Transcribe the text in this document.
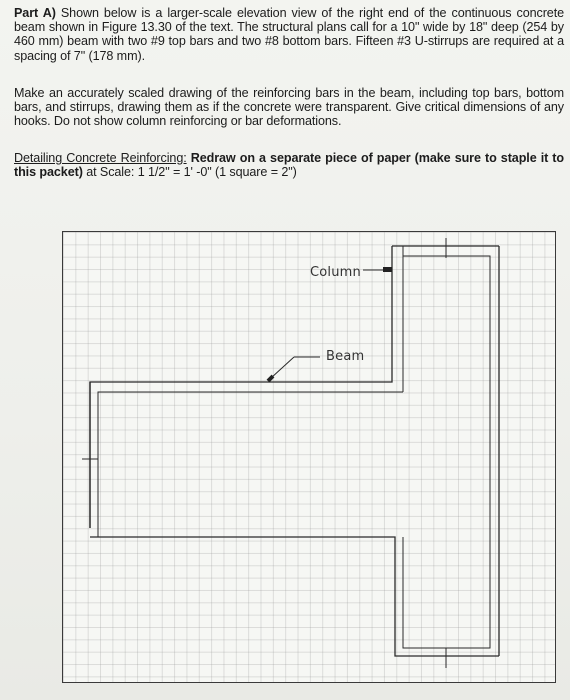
Part A) Shown below is a larger-scale elevation view of the right end of the continuous concrete beam shown in Figure 13.30 of the text. The structural plans call for a 10" wide by 18" deep (254 by 460 mm) beam with two #9 top bars and two #8 bottom bars. Fifteen #3 U-stirrups are required at a spacing of 7" (178 mm).
Make an accurately scaled drawing of the reinforcing bars in the beam, including top bars, bottom bars, and stirrups, drawing them as if the concrete were transparent. Give critical dimensions of any hooks. Do not show column reinforcing or bar deformations.
Detailing Concrete Reinforcing: Redraw on a separate piece of paper (make sure to staple it to this packet) at Scale: 1 1/2" = 1' -0" (1 square = 2")
Column
Beam
